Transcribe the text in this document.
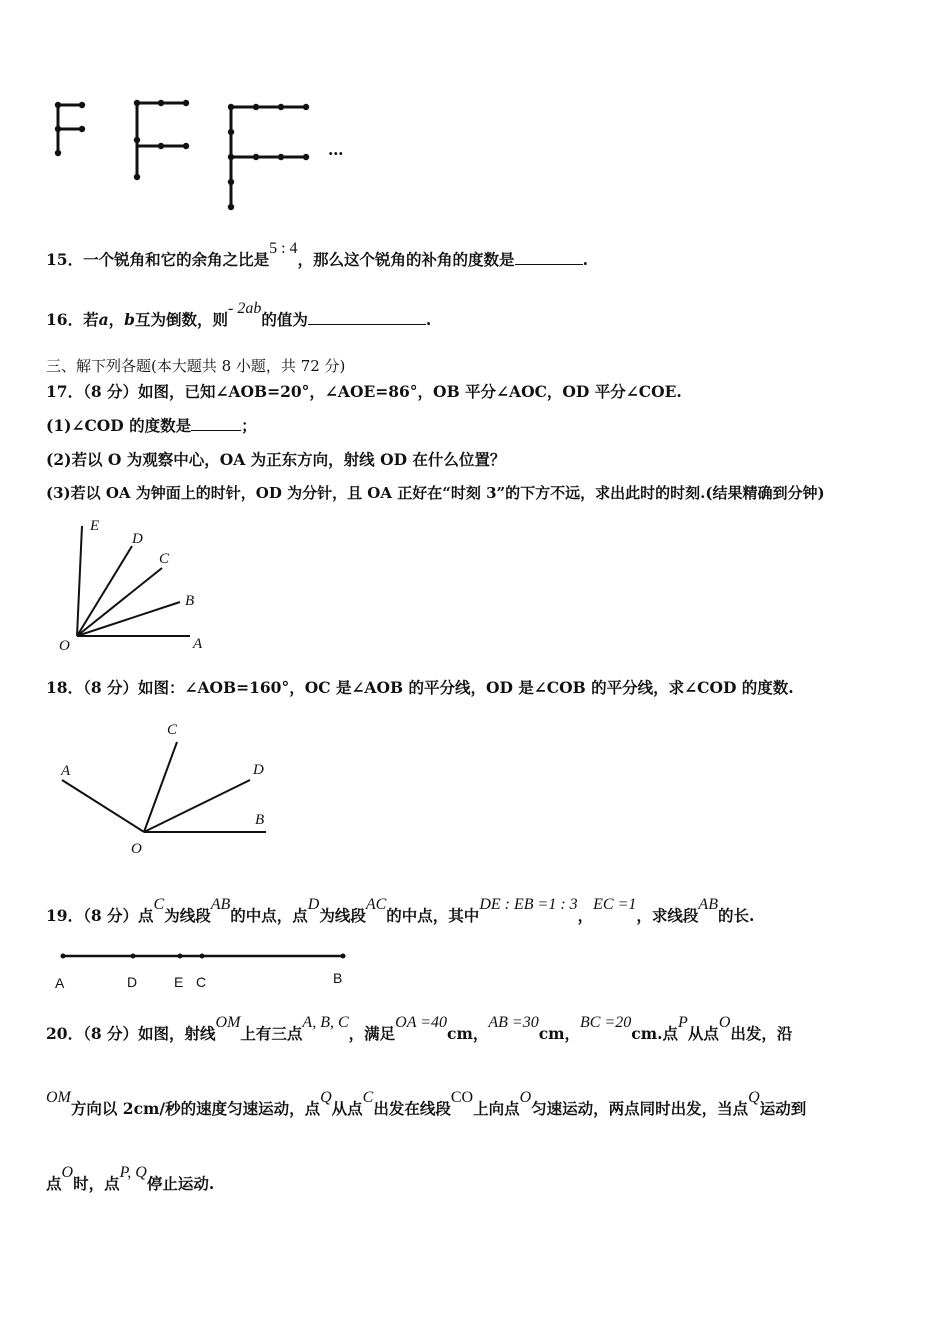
…
15．一个锐角和它的余角之比是5 : 4，那么这个锐角的补角的度数是	.
16．若a，b互为倒数，则- 2ab的值为	.
三、解下列各题(本大题共 8 小题，共 72 分)
17．（8 分）如图，已知∠AOB=20°，∠AOE=86°，OB 平分∠AOC，OD 平分∠COE.
(1)∠COD 的度数是	；
(2)若以 O 为观察中心，OA 为正东方向，射线 OD 在什么位置？
(3)若以 OA 为钟面上的时针，OD 为分针，且 OA 正好在“时刻 3”的下方不远，求出此时的时刻.(结果精确到分钟)
E
D
C
B
O	A
18．（8 分）如图：∠AOB=160°，OC 是∠AOB 的平分线，OD 是∠COB 的平分线，求∠COD 的度数.
A
C
D
B
O
19．（8 分）点C为线段AB的中点，点D为线段AC的中点，其中DE : EB =1 : 3，EC =1，求线段AB的长.
A	D	E C	B
20．（8 分）如图，射线OM上有三点A, B, C，满足OA =40cm，AB =30cm，BC =20cm.点P从点O出发，沿
OM方向以 2cm/秒的速度匀速运动，点Q从点C出发在线段CO上向点O匀速运动，两点同时出发，当点Q运动到
点O时，点P, Q停止运动.
